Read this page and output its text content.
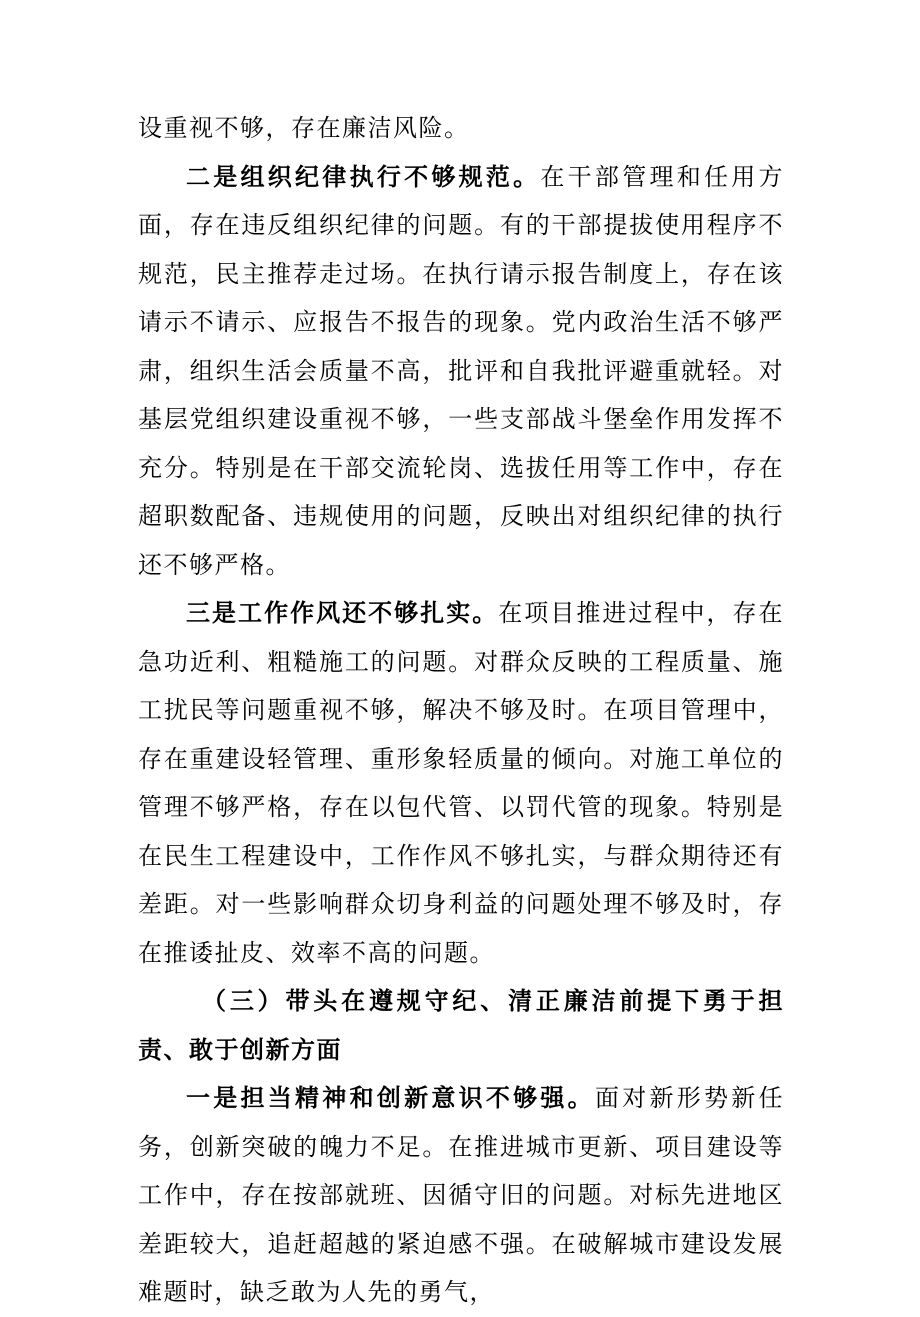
设重视不够，存在廉洁风险。

二是组织纪律执行不够规范。在干部管理和任用方面，存在违反组织纪律的问题。有的干部提拔使用程序不规范，民主推荐走过场。在执行请示报告制度上，存在该请示不请示、应报告不报告的现象。党内政治生活不够严肃，组织生活会质量不高，批评和自我批评避重就轻。对基层党组织建设重视不够，一些支部战斗堡垒作用发挥不充分。特别是在干部交流轮岗、选拔任用等工作中，存在超职数配备、违规使用的问题，反映出对组织纪律的执行还不够严格。

三是工作作风还不够扎实。在项目推进过程中，存在急功近利、粗糙施工的问题。对群众反映的工程质量、施工扰民等问题重视不够，解决不够及时。在项目管理中，存在重建设轻管理、重形象轻质量的倾向。对施工单位的管理不够严格，存在以包代管、以罚代管的现象。特别是在民生工程建设中，工作作风不够扎实，与群众期待还有差距。对一些影响群众切身利益的问题处理不够及时，存在推诿扯皮、效率不高的问题。

（三）带头在遵规守纪、清正廉洁前提下勇于担责、敢于创新方面

一是担当精神和创新意识不够强。面对新形势新任务，创新突破的魄力不足。在推进城市更新、项目建设等工作中，存在按部就班、因循守旧的问题。对标先进地区差距较大，追赶超越的紧迫感不强。在破解城市建设发展难题时，缺乏敢为人先的勇气，
